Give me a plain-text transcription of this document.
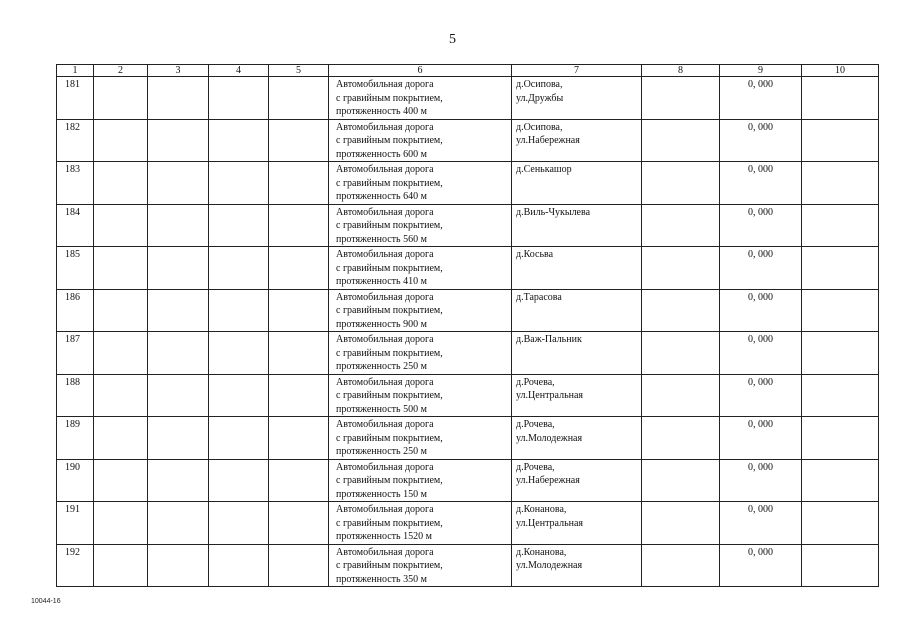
5
1	2	3	4	5	6	7	8	9	10
181					Автомобильная дорога
с гравийным покрытием,
протяженность 400 м	д.Осипова,
ул.Дружбы		0, 000	
182					Автомобильная дорога
с гравийным покрытием,
протяженность 600 м	д.Осипова,
ул.Набережная		0, 000	
183					Автомобильная дорога
с гравийным покрытием,
протяженность 640 м	д.Сенькашор		0, 000	
184					Автомобильная дорога
с гравийным покрытием,
протяженность 560 м	д.Виль-Чукылева		0, 000	
185					Автомобильная дорога
с гравийным покрытием,
протяженность 410 м	д.Косьва		0, 000	
186					Автомобильная дорога
с гравийным покрытием,
протяженность 900 м	д.Тарасова		0, 000	
187					Автомобильная дорога
с гравийным покрытием,
протяженность 250 м	д.Важ-Пальник		0, 000	
188					Автомобильная дорога
с гравийным покрытием,
протяженность 500 м	д.Рочева,
ул.Центральная		0, 000	
189					Автомобильная дорога
с гравийным покрытием,
протяженность 250 м	д.Рочева,
ул.Молодежная		0, 000	
190					Автомобильная дорога
с гравийным покрытием,
протяженность 150 м	д.Рочева,
ул.Набережная		0, 000	
191					Автомобильная дорога
с гравийным покрытием,
протяженность 1520 м	д.Конанова,
ул.Центральная		0, 000	
192					Автомобильная дорога
с гравийным покрытием,
протяженность 350 м	д.Конанова,
ул.Молодежная		0, 000	
10044-16
